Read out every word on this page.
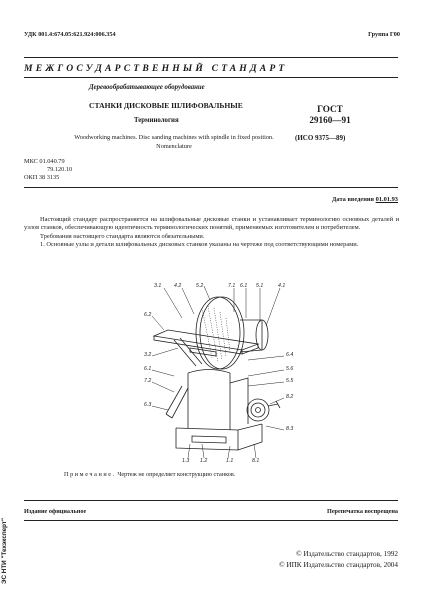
УДК 001.4:674.05:621.924:006.354	Группа Г00
МЕЖГОСУДАРСТВЕННЫЙ СТАНДАРТ
Деревообрабатывающее оборудование
СТАНКИ ДИСКОВЫЕ ШЛИФОВАЛЬНЫЕ
Терминология
ГОСТ
29160—91
(ИСО 9375—89)
Woodworking machines. Disc sanding machines with spindle in fixed position. Nomenclature
МКС 01.040.79
79.120.10
ОКП 38 3135
Дата введения 01.01.93

Настоящий стандарт распространяется на шлифовальные дисковые станки и устанавливает терминологию основных деталей и узлов станков, обеспечивающую идентичность терминологических понятий, применяемых изготовителем и потребителем.

Требования настоящего стандарта являются обязательными.

1. Основные узлы и детали шлифовальных дисковых станков указаны на чертеже под соответствующими номерами.

3.1 4.2	5.2	7.1 6.1 5.1	4.1
6.2
3.2
6.1
7.2
6.3
6.4
5.6
5.5
8.2
1.3 1.2	1.1	8.1
8.3
Примечание. Чертеж не определяет конструкцию станков.
Издание официальное	Перепечатка воспрещена
© Издательство стандартов, 1992
© ИПК Издательство стандартов, 2004
ЭС НТИ "Техэксперт"
